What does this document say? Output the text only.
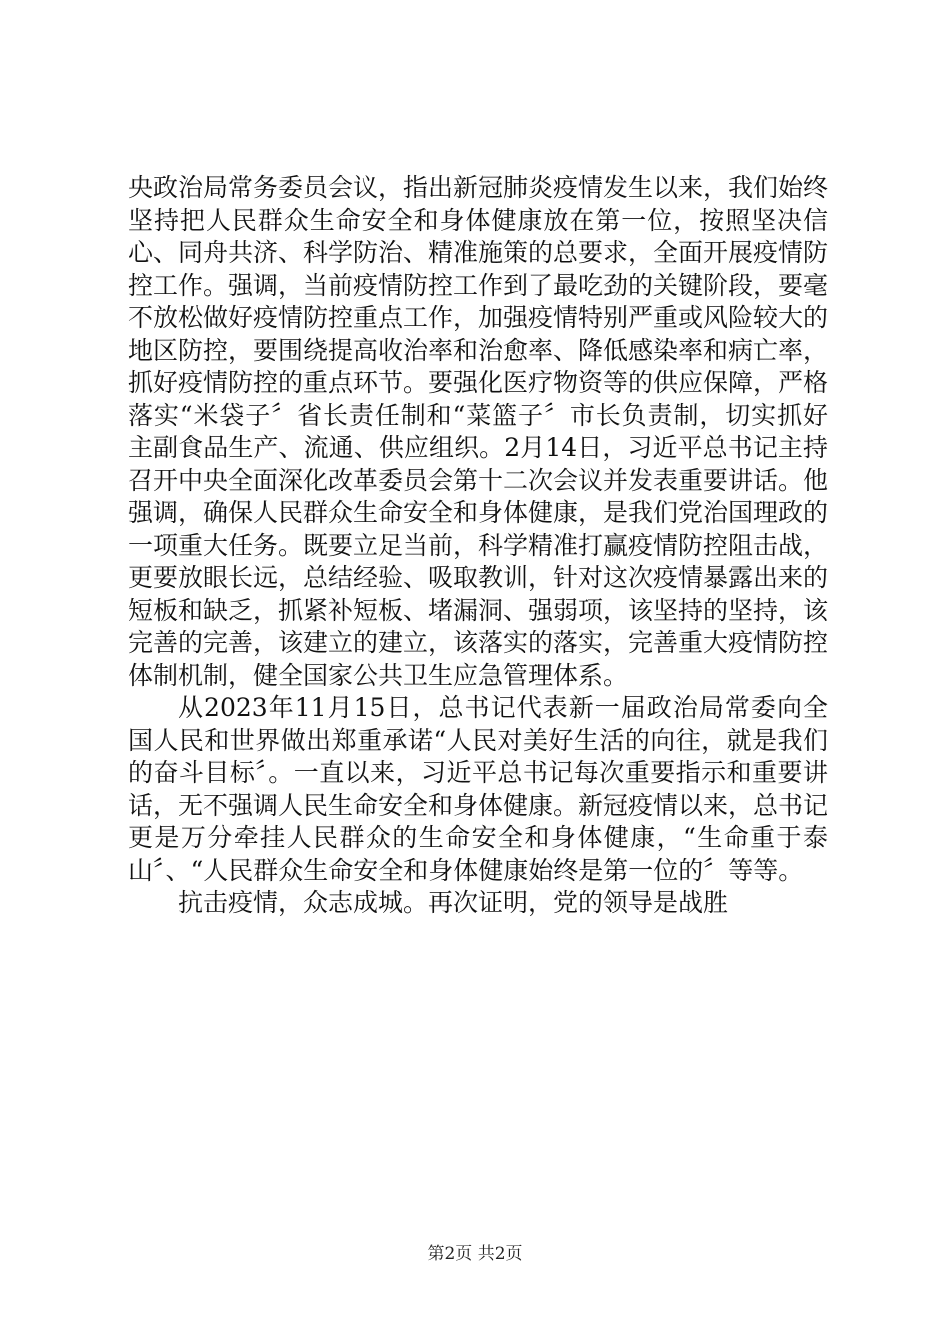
央政治局常务委员会议，指出新冠肺炎疫情发生以来，我们始终坚持把人民群众生命安全和身体健康放在第一位，按照坚决信心、同舟共济、科学防治、精准施策的总要求，全面开展疫情防控工作。强调，当前疫情防控工作到了最吃劲的关键阶段，要毫不放松做好疫情防控重点工作，加强疫情特别严重或风险较大的地区防控，要围绕提高收治率和治愈率、降低感染率和病亡率，抓好疫情防控的重点环节。要强化医疗物资等的供应保障，严格落实“米袋子〞省长责任制和“菜篮子〞市长负责制，切实抓好主副食品生产、流通、供应组织。2月14日，习近平总书记主持召开中央全面深化改革委员会第十二次会议并发表重要讲话。他强调，确保人民群众生命安全和身体健康，是我们党治国理政的一项重大任务。既要立足当前，科学精准打赢疫情防控阻击战，更要放眼长远，总结经验、吸取教训，针对这次疫情暴露出来的短板和缺乏，抓紧补短板、堵漏洞、强弱项，该坚持的坚持，该完善的完善，该建立的建立，该落实的落实，完善重大疫情防控体制机制，健全国家公共卫生应急管理体系。

从2023年11月15日，总书记代表新一届政治局常委向全国人民和世界做出郑重承诺“人民对美好生活的向往，就是我们的奋斗目标〞。一直以来，习近平总书记每次重要指示和重要讲话，无不强调人民生命安全和身体健康。新冠疫情以来，总书记更是万分牵挂人民群众的生命安全和身体健康，“生命重于泰山〞、“人民群众生命安全和身体健康始终是第一位的〞等等。

抗击疫情，众志成城。再次证明，党的领导是战胜

第2页 共2页
